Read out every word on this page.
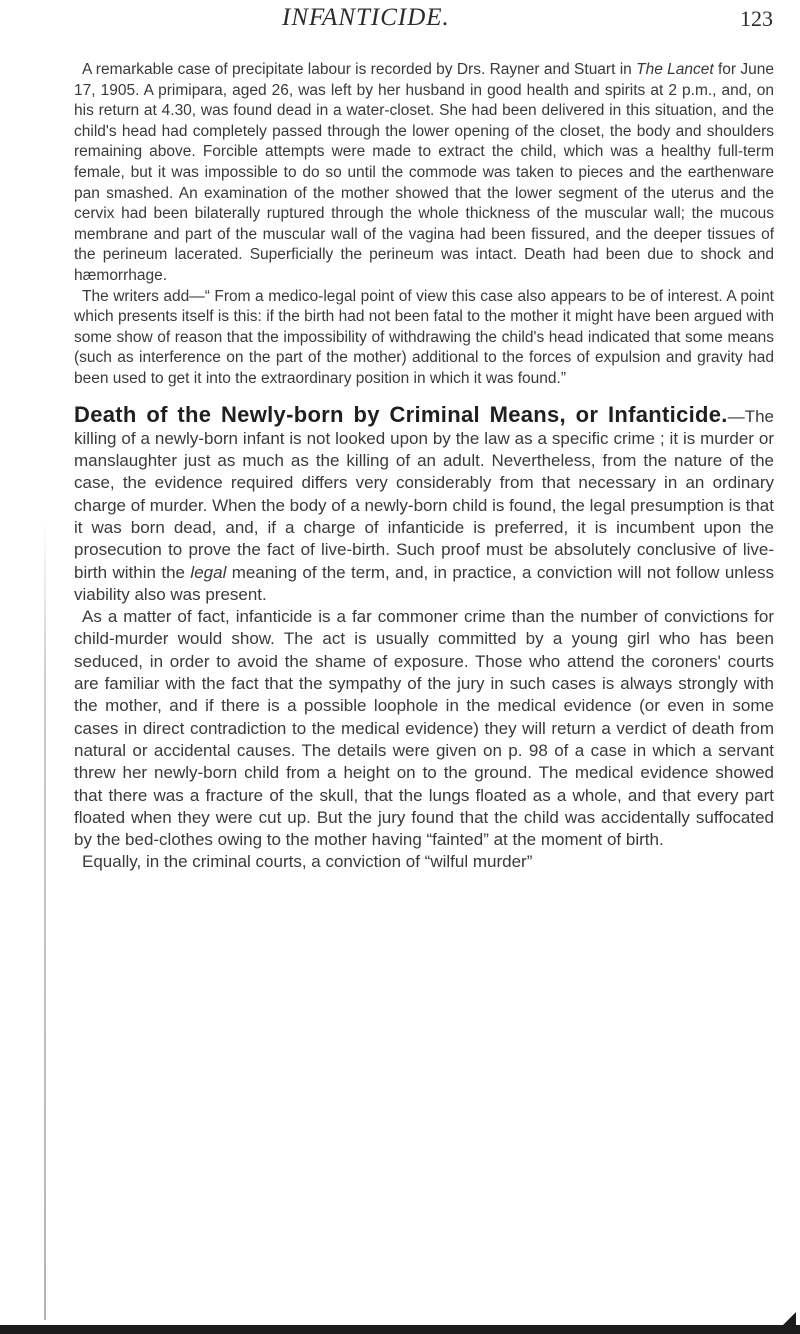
INFANTICIDE.	123

A remarkable case of precipitate labour is recorded by Drs. Rayner and Stuart in The Lancet for June 17, 1905. A primipara, aged 26, was left by her husband in good health and spirits at 2 p.m., and, on his return at 4.30, was found dead in a water-closet. She had been delivered in this situation, and the child's head had completely passed through the lower opening of the closet, the body and shoulders remaining above. Forcible attempts were made to extract the child, which was a healthy full-term female, but it was impossible to do so until the commode was taken to pieces and the earthenware pan smashed. An examination of the mother showed that the lower segment of the uterus and the cervix had been bilaterally ruptured through the whole thickness of the muscular wall; the mucous membrane and part of the muscular wall of the vagina had been fissured, and the deeper tissues of the perineum lacerated. Superficially the perineum was intact. Death had been due to shock and hæmorrhage.

The writers add—“ From a medico-legal point of view this case also appears to be of interest. A point which presents itself is this: if the birth had not been fatal to the mother it might have been argued with some show of reason that the impossibility of withdrawing the child's head indicated that some means (such as interference on the part of the mother) additional to the forces of expulsion and gravity had been used to get it into the extraordinary position in which it was found.”

Death of the Newly-born by Criminal Means, or Infanticide.—The killing of a newly-born infant is not looked upon by the law as a specific crime ; it is murder or manslaughter just as much as the killing of an adult. Nevertheless, from the nature of the case, the evidence required differs very considerably from that necessary in an ordinary charge of murder. When the body of a newly-born child is found, the legal presumption is that it was born dead, and, if a charge of infanticide is preferred, it is incumbent upon the prosecution to prove the fact of live-birth. Such proof must be absolutely conclusive of live-birth within the legal meaning of the term, and, in practice, a conviction will not follow unless viability also was present.

As a matter of fact, infanticide is a far commoner crime than the number of convictions for child-murder would show. The act is usually committed by a young girl who has been seduced, in order to avoid the shame of exposure. Those who attend the coroners' courts are familiar with the fact that the sympathy of the jury in such cases is always strongly with the mother, and if there is a possible loophole in the medical evidence (or even in some cases in direct contradiction to the medical evidence) they will return a verdict of death from natural or accidental causes. The details were given on p. 98 of a case in which a servant threw her newly-born child from a height on to the ground. The medical evidence showed that there was a fracture of the skull, that the lungs floated as a whole, and that every part floated when they were cut up. But the jury found that the child was accidentally suffocated by the bed-clothes owing to the mother having “fainted” at the moment of birth.

Equally, in the criminal courts, a conviction of “wilful murder”
